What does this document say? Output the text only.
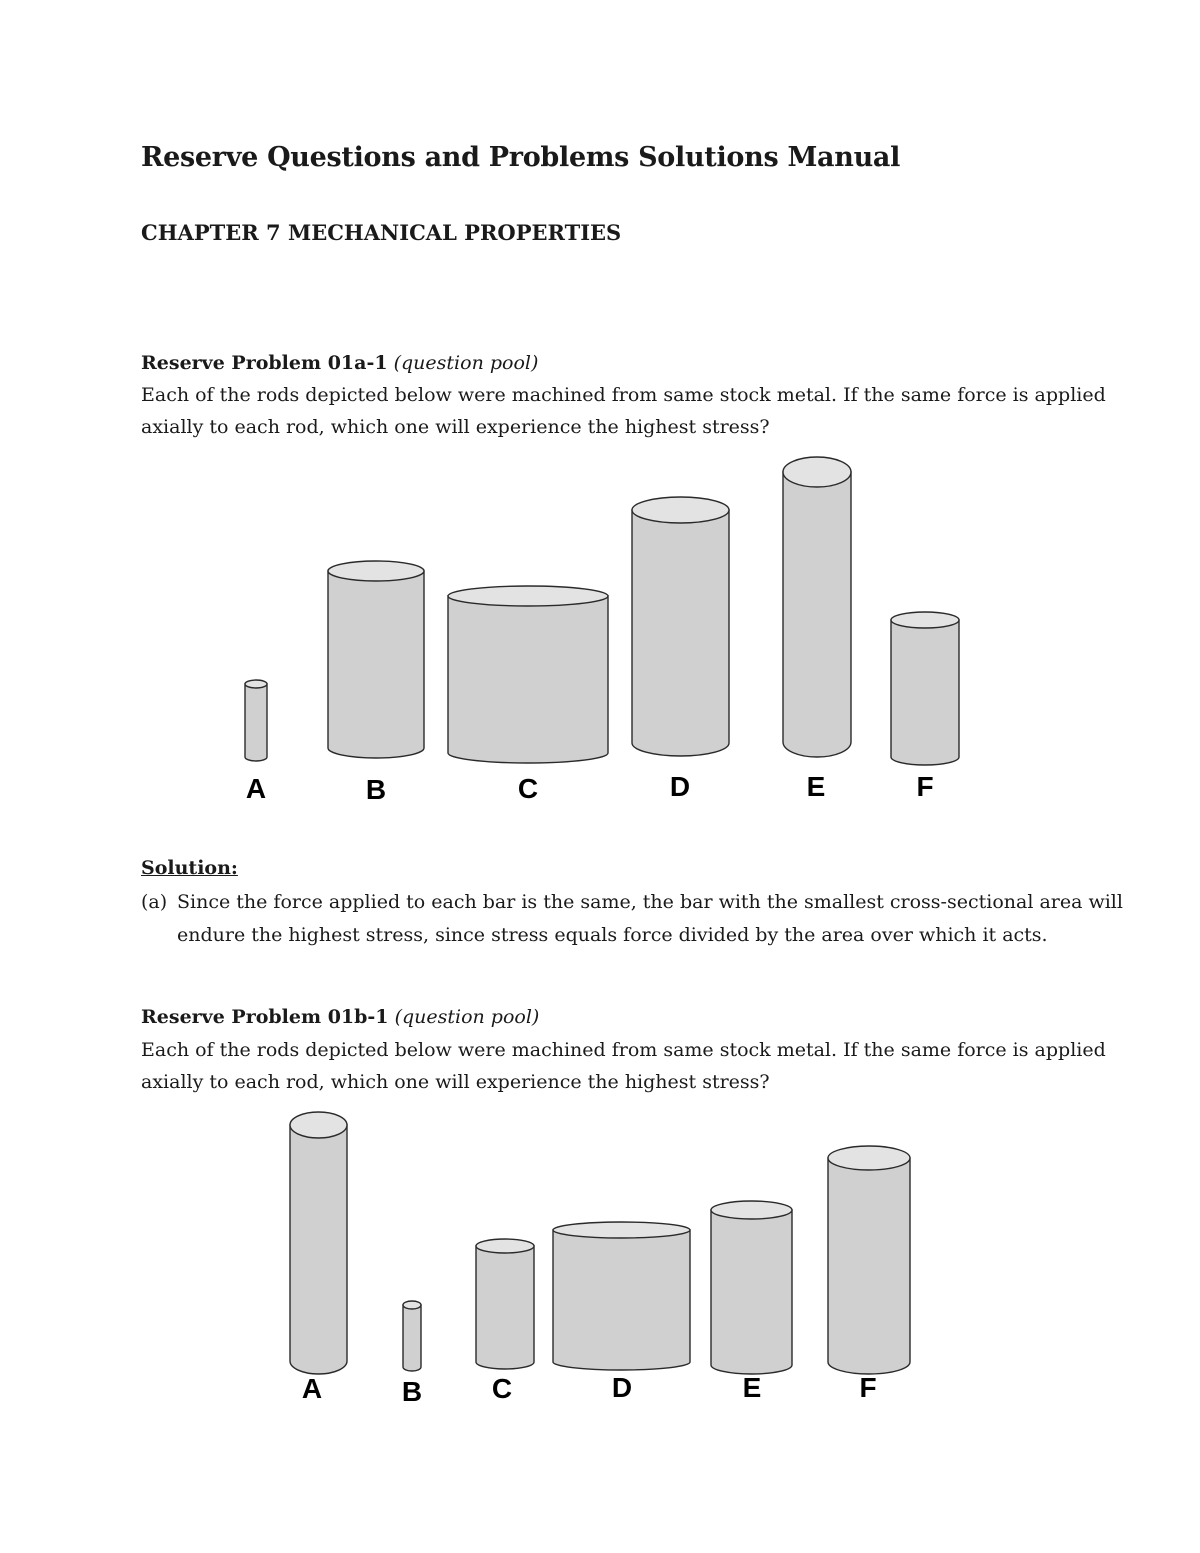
Reserve Questions and Problems Solutions Manual
CHAPTER 7 MECHANICAL PROPERTIES
Reserve Problem 01a-1 (question pool)
Each of the rods depicted below were machined from same stock metal. If the same force is applied
axially to each rod, which one will experience the highest stress?
A	B	C	D	E	F
Solution:
(a) Since the force applied to each bar is the same, the bar with the smallest cross-sectional area will
endure the highest stress, since stress equals force divided by the area over which it acts.
Reserve Problem 01b-1 (question pool)
Each of the rods depicted below were machined from same stock metal. If the same force is applied
axially to each rod, which one will experience the highest stress?
A	B C	D	E	F
